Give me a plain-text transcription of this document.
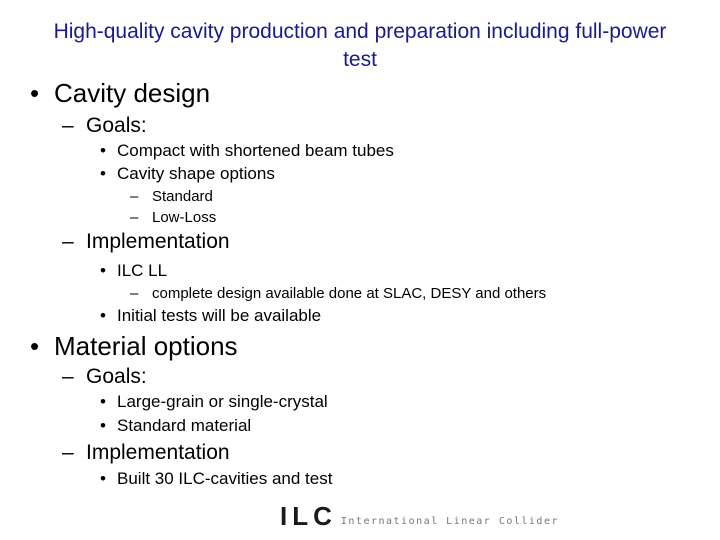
High-quality cavity production and preparation including full-power test
• Cavity design
– Goals:
• Compact with shortened beam tubes
• Cavity shape options
– Standard
– Low-Loss
– Implementation
• ILC LL
– complete design available done at SLAC, DESY and others
• Initial tests will be available
• Material options
– Goals:
• Large-grain or single-crystal
• Standard material
– Implementation
• Built 30 ILC-cavities and test
ILC International Linear Collider
